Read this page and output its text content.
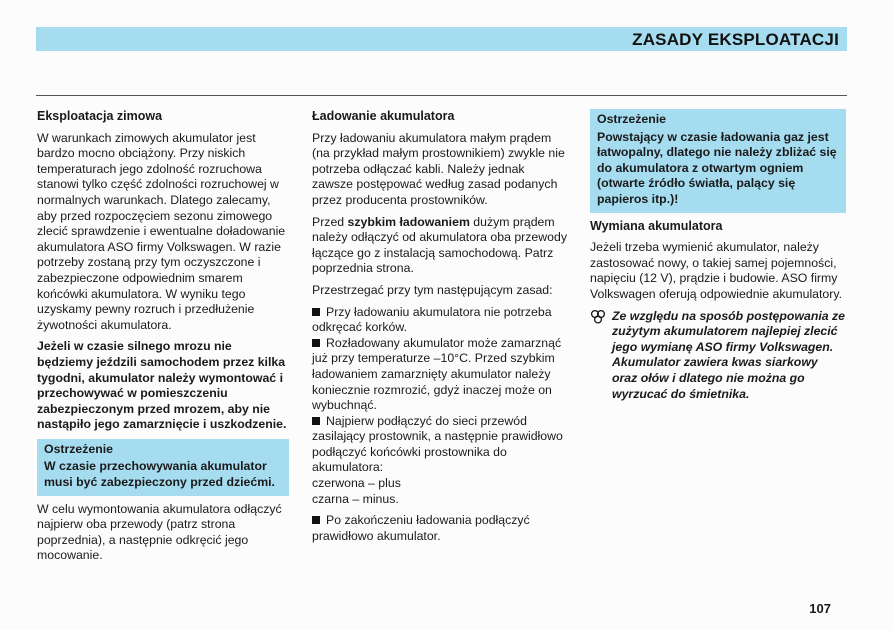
ZASADY EKSPLOATACJI
Eksploatacja zimowa

W warunkach zimowych akumulator jest bardzo mocno obciążony. Przy niskich temperaturach jego zdolność rozruchowa stanowi tylko część zdolności rozruchowej w normalnych warunkach. Dlatego zalecamy, aby przed rozpoczęciem sezonu zimowego zlecić sprawdzenie i ewentualne doładowanie akumulatora ASO firmy Volkswagen. W razie potrzeby zostaną przy tym oczyszczone i zabezpieczone odpowiednim smarem końcówki akumulatora. W wyniku tego uzyskamy pewny rozruch i przedłużenie żywotności akumulatora.

Jeżeli w czasie silnego mrozu nie będziemy jeździli samochodem przez kilka tygodni, akumulator należy wymontować i przechowywać w pomieszczeniu zabezpieczonym przed mrozem, aby nie nastąpiło jego zamarznięcie i uszkodzenie.

Ostrzeżenie
W czasie przechowywania akumulator musi być zabezpieczony przed dziećmi.

W celu wymontowania akumulatora odłączyć najpierw oba przewody (patrz strona poprzednia), a następnie odkręcić jego mocowanie.

Ładowanie akumulatora

Przy ładowaniu akumulatora małym prądem (na przykład małym prostownikiem) zwykle nie potrzeba odłączać kabli. Należy jednak zawsze postępować według zasad podanych przez producenta prostowników.

Przed szybkim ładowaniem dużym prądem należy odłączyć od akumulatora oba przewody łączące go z instalacją samochodową. Patrz poprzednia strona.

Przestrzegać przy tym następującym zasad:

Przy ładowaniu akumulatora nie potrzeba odkręcać korków.
Rozładowany akumulator może zamarznąć już przy temperaturze –10°C. Przed szybkim ładowaniem zamarznięty akumulator należy koniecznie rozmrozić, gdyż inaczej może on wybuchnąć.
Najpierw podłączyć do sieci przewód zasilający prostownik, a następnie prawidłowo podłączyć końcówki prostownika do akumulatora:
czerwona – plus
czarna – minus.
Po zakończeniu ładowania podłączyć prawidłowo akumulator.
Ostrzeżenie
Powstający w czasie ładowania gaz jest łatwopalny, dlatego nie należy zbliżać się do akumulatora z otwartym ogniem (otwarte źródło światła, palący się papieros itp.)!
Wymiana akumulatora

Jeżeli trzeba wymienić akumulator, należy zastosować nowy, o takiej samej pojemności, napięciu (12 V), prądzie i budowie. ASO firmy Volkswagen oferują odpowiednie akumulatory.

Ze względu na sposób postępowania ze zużytym akumulatorem najlepiej zlecić jego wymianę ASO firmy Volkswagen. Akumulator zawiera kwas siarkowy oraz ołów i dlatego nie można go wyrzucać do śmietnika.
107
